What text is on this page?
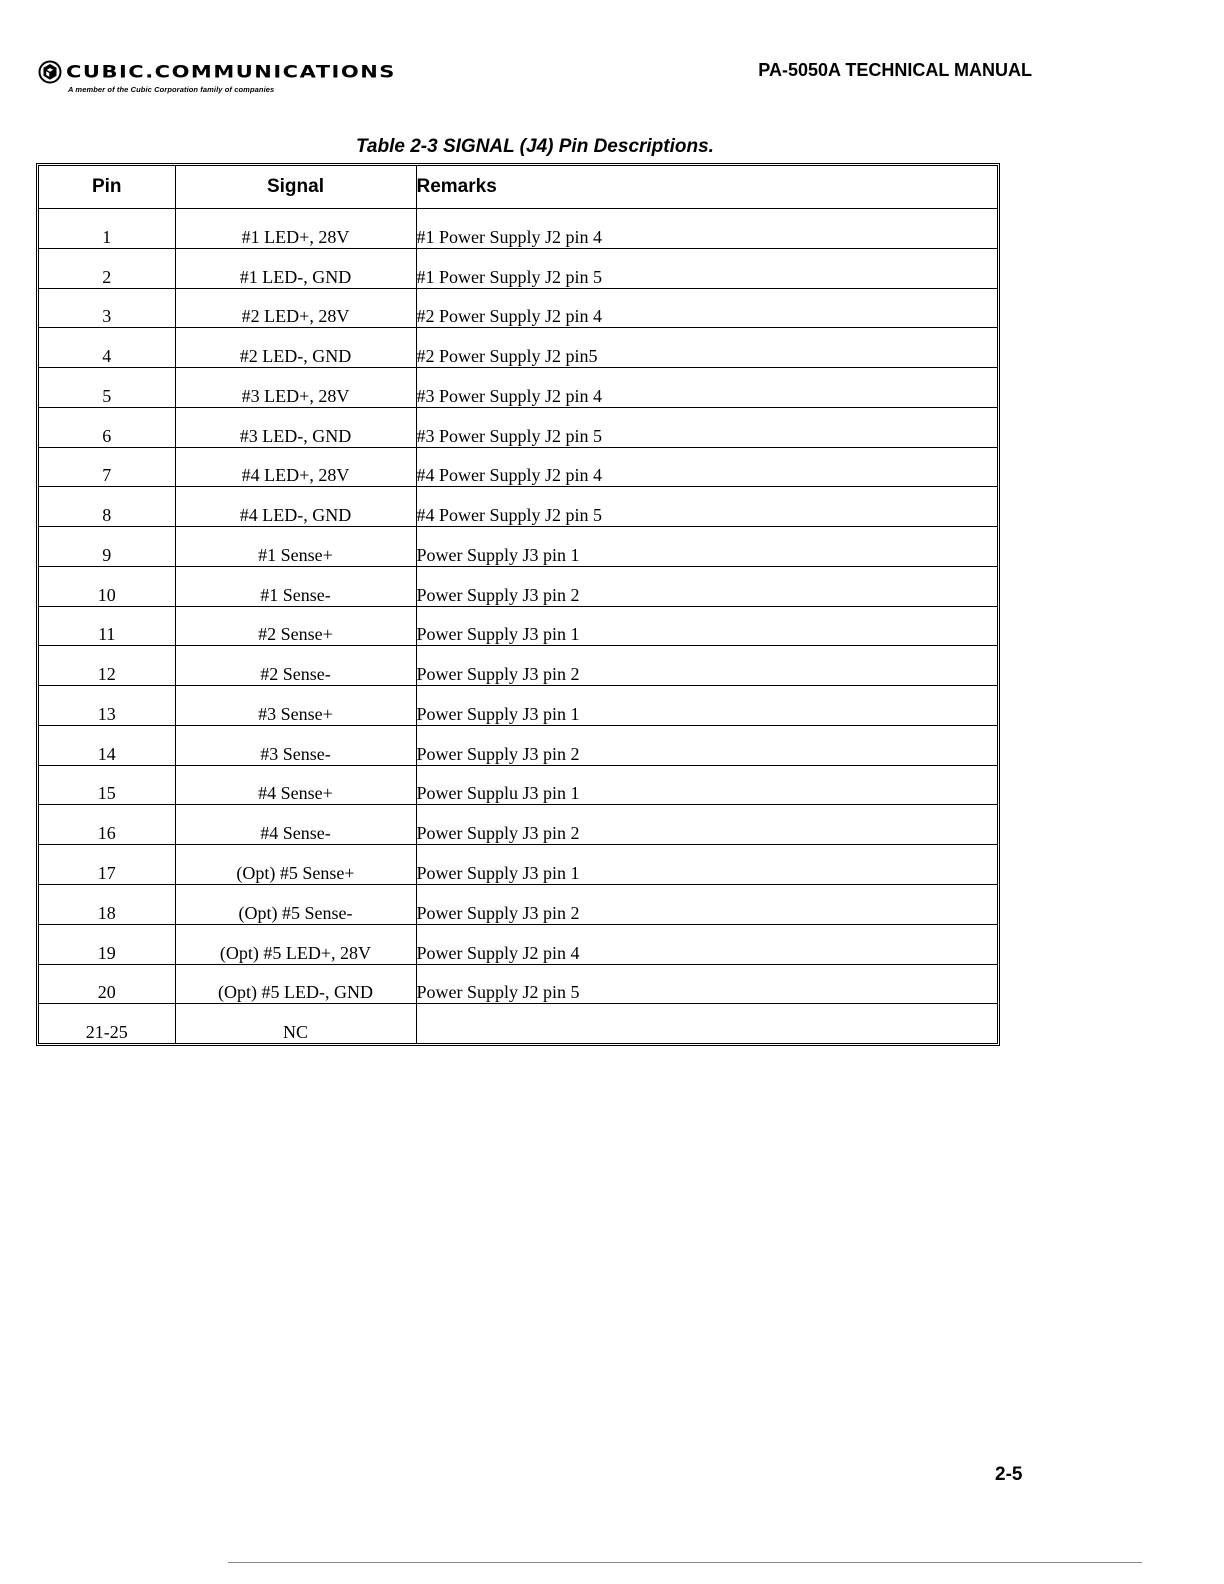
CUBIC.COMMUNICATIONS
A member of the Cubic Corporation family of companies
PA-5050A TECHNICAL MANUAL
Table 2-3 SIGNAL (J4) Pin Descriptions.
Pin	Signal	Remarks
1	#1 LED+, 28V	#1 Power Supply J2 pin 4
2	#1 LED-, GND	#1 Power Supply J2 pin 5
3	#2 LED+, 28V	#2 Power Supply J2 pin 4
4	#2 LED-, GND	#2 Power Supply J2 pin5
5	#3 LED+, 28V	#3 Power Supply J2 pin 4
6	#3 LED-, GND	#3 Power Supply J2 pin 5
7	#4 LED+, 28V	#4 Power Supply J2 pin 4
8	#4 LED-, GND	#4 Power Supply J2 pin 5
9	#1 Sense+	Power Supply J3 pin 1
10	#1 Sense-	Power Supply J3 pin 2
11	#2 Sense+	Power Supply J3 pin 1
12	#2 Sense-	Power Supply J3 pin 2
13	#3 Sense+	Power Supply J3 pin 1
14	#3 Sense-	Power Supply J3 pin 2
15	#4 Sense+	Power Supplu J3 pin 1
16	#4 Sense-	Power Supply J3 pin 2
17	(Opt) #5 Sense+	Power Supply J3 pin 1
18	(Opt) #5 Sense-	Power Supply J3 pin 2
19	(Opt) #5 LED+, 28V	Power Supply J2 pin 4
20	(Opt) #5 LED-, GND	Power Supply J2 pin 5
21-25	NC	
2-5
